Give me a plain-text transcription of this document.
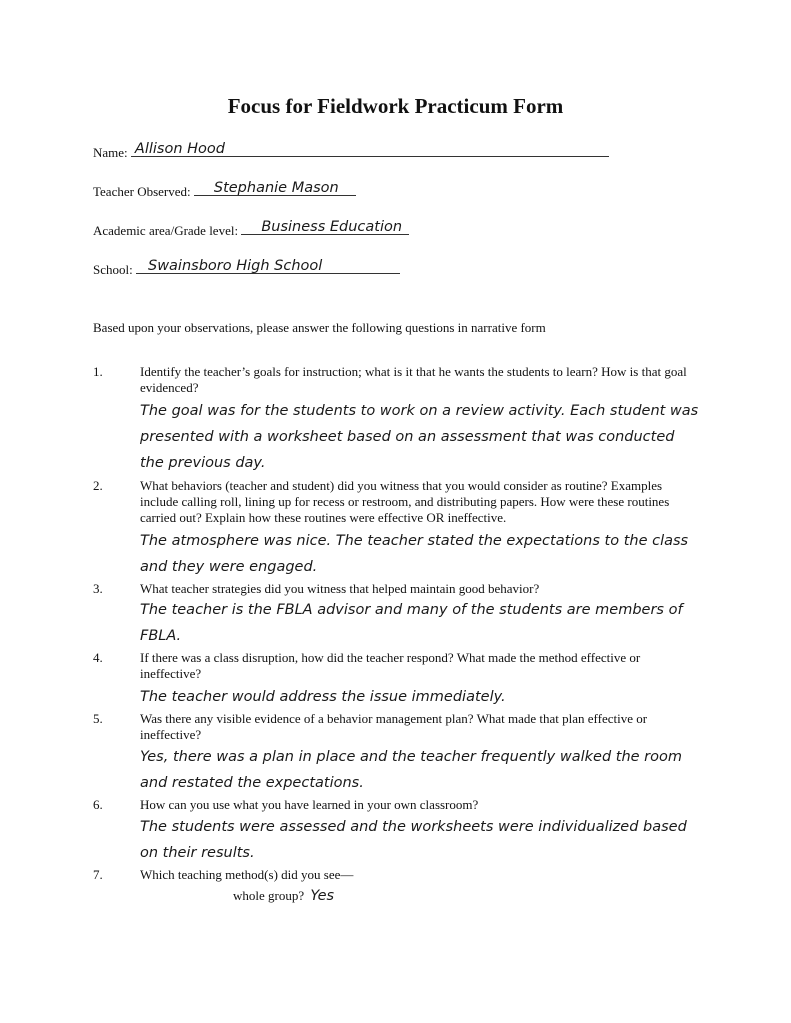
Focus for Fieldwork Practicum Form
Name: Allison Hood
Teacher Observed: Stephanie Mason
Academic area/Grade level: Business Education
School: Swainsboro High School
Based upon your observations, please answer the following questions in narrative form
1.	Identify the teacher’s goals for instruction; what is it that he wants the students to learn? How is that goal evidenced?
The goal was for the students to work on a review activity. Each student was presented with a worksheet based on an assessment that was conducted the previous day.
2.	What behaviors (teacher and student) did you witness that you would consider as routine? Examples include calling roll, lining up for recess or restroom, and distributing papers. How were these routines carried out? Explain how these routines were effective OR ineffective.
The atmosphere was nice. The teacher stated the expectations to the class and they were engaged.
3.	What teacher strategies did you witness that helped maintain good behavior?
The teacher is the FBLA advisor and many of the students are members of FBLA.
4.	If there was a class disruption, how did the teacher respond? What made the method effective or ineffective?
The teacher would address the issue immediately.
5.	Was there any visible evidence of a behavior management plan? What made that plan effective or ineffective?
Yes, there was a plan in place and the teacher frequently walked the room and restated the expectations.
6.	How can you use what you have learned in your own classroom?
The students were assessed and the worksheets were individualized based on their results.
7.	Which teaching method(s) did you see—
whole group? Yes
